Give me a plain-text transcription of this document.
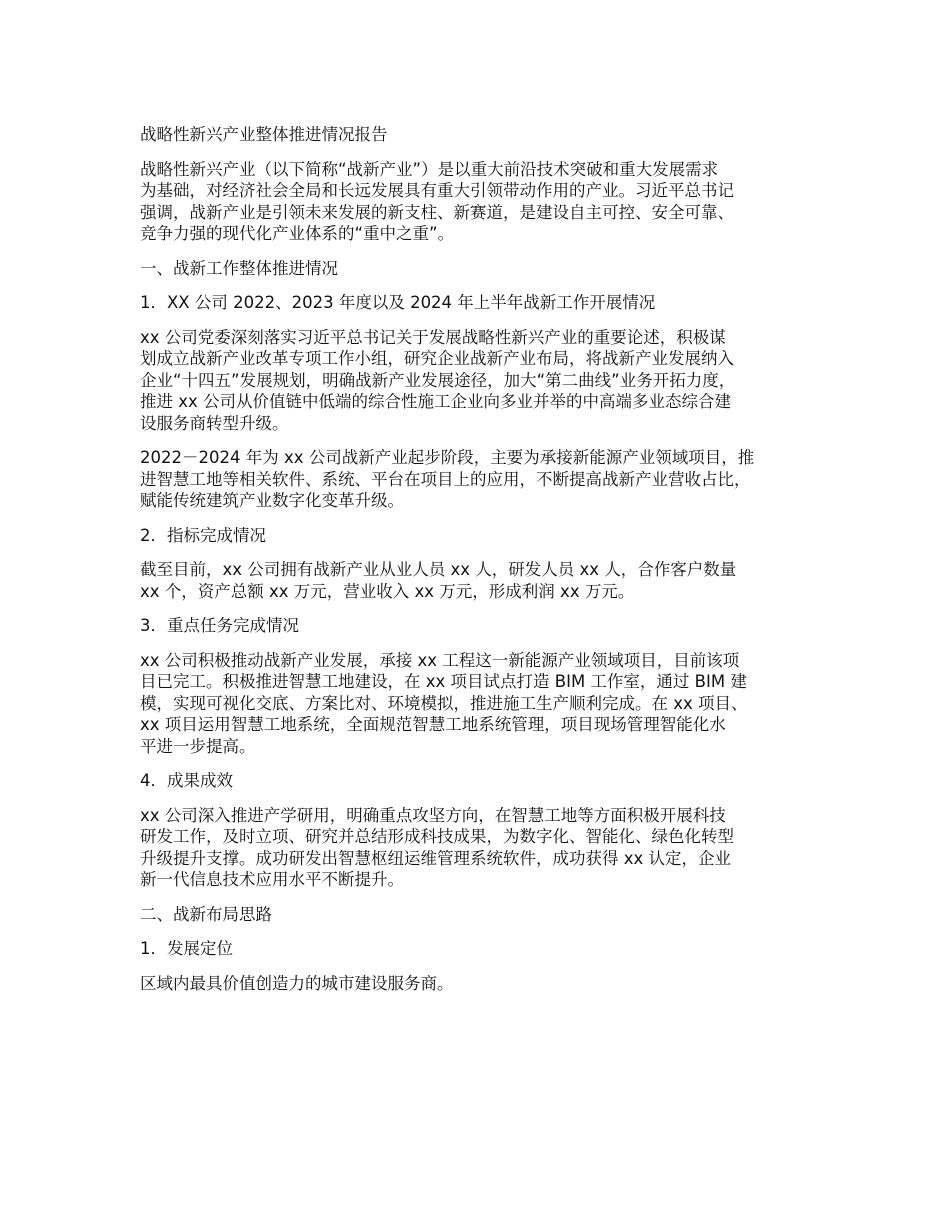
战略性新兴产业整体推进情况报告

战略性新兴产业（以下简称“战新产业”）是以重大前沿技术突破和重大发展需求
为基础，对经济社会全局和长远发展具有重大引领带动作用的产业。习近平总书记
强调，战新产业是引领未来发展的新支柱、新赛道，是建设自主可控、安全可靠、
竞争力强的现代化产业体系的“重中之重”。

一、战新工作整体推进情况

1．XX 公司 2022、2023 年度以及 2024 年上半年战新工作开展情况

xx 公司党委深刻落实习近平总书记关于发展战略性新兴产业的重要论述，积极谋
划成立战新产业改革专项工作小组，研究企业战新产业布局，将战新产业发展纳入
企业“十四五”发展规划，明确战新产业发展途径，加大“第二曲线”业务开拓力度，
推进 xx 公司从价值链中低端的综合性施工企业向多业并举的中高端多业态综合建
设服务商转型升级。

2022－2024 年为 xx 公司战新产业起步阶段，主要为承接新能源产业领域项目，推
进智慧工地等相关软件、系统、平台在项目上的应用，不断提高战新产业营收占比，
赋能传统建筑产业数字化变革升级。

2．指标完成情况

截至目前，xx 公司拥有战新产业从业人员 xx 人，研发人员 xx 人，合作客户数量
xx 个，资产总额 xx 万元，营业收入 xx 万元，形成利润 xx 万元。

3．重点任务完成情况

xx 公司积极推动战新产业发展，承接 xx 工程这一新能源产业领域项目，目前该项
目已完工。积极推进智慧工地建设，在 xx 项目试点打造 BIM 工作室，通过 BIM 建
模，实现可视化交底、方案比对、环境模拟，推进施工生产顺利完成。在 xx 项目、
xx 项目运用智慧工地系统，全面规范智慧工地系统管理，项目现场管理智能化水
平进一步提高。

4．成果成效

xx 公司深入推进产学研用，明确重点攻坚方向，在智慧工地等方面积极开展科技
研发工作，及时立项、研究并总结形成科技成果，为数字化、智能化、绿色化转型
升级提升支撑。成功研发出智慧枢纽运维管理系统软件，成功获得 xx 认定，企业
新一代信息技术应用水平不断提升。

二、战新布局思路

1．发展定位

区域内最具价值创造力的城市建设服务商。
